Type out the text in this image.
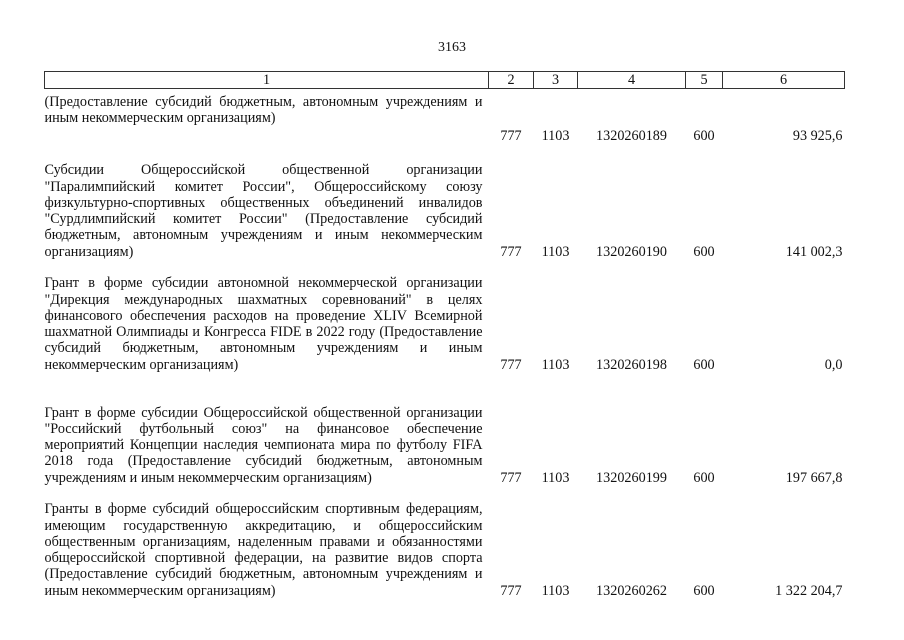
3163
1	2	3	4	5	6
(Предоставление субсидий бюджетным, автономным учреждениям и иным некоммерческим организациям)	777	1103	1320260189	600	93 925,6
Субсидии Общероссийской общественной организации "Паралимпийский комитет России", Общероссийскому союзу физкультурно-спортивных общественных объединений инвалидов "Сурдлимпийский комитет России" (Предоставление субсидий бюджетным, автономным учреждениям и иным некоммерческим организациям)	777	1103	1320260190	600	141 002,3
Грант в форме субсидии автономной некоммерческой организации "Дирекция международных шахматных соревнований" в целях финансового обеспечения расходов на проведение XLIV Всемирной шахматной Олимпиады и Конгресса FIDE в 2022 году (Предоставление субсидий бюджетным, автономным учреждениям и иным некоммерческим организациям)	777	1103	1320260198	600	0,0
Грант в форме субсидии Общероссийской общественной организации "Российский футбольный союз" на финансовое обеспечение мероприятий Концепции наследия чемпионата мира по футболу FIFA 2018 года (Предоставление субсидий бюджетным, автономным учреждениям и иным некоммерческим организациям)	777	1103	1320260199	600	197 667,8
Гранты в форме субсидий общероссийским спортивным федерациям, имеющим государственную аккредитацию, и общероссийским общественным организациям, наделенным правами и обязанностями общероссийской спортивной федерации, на развитие видов спорта (Предоставление субсидий бюджетным, автономным учреждениям и иным некоммерческим организациям)	777	1103	1320260262	600	1 322 204,7
